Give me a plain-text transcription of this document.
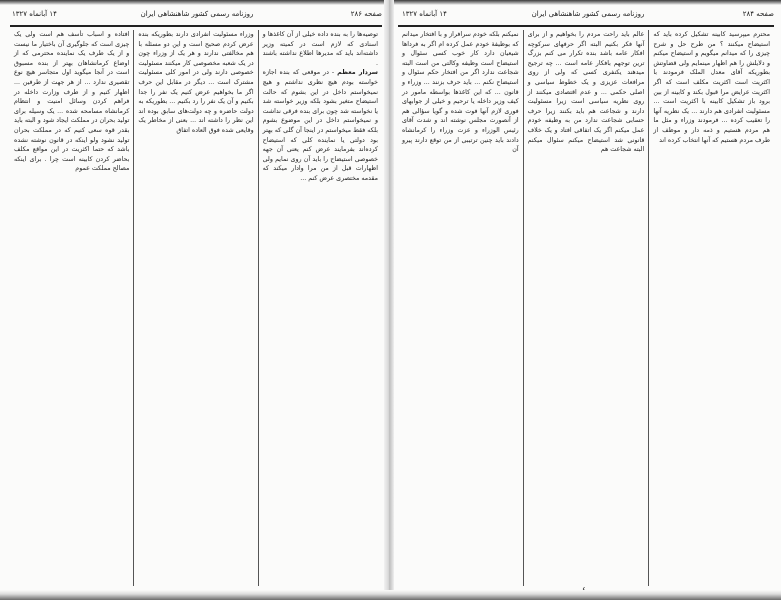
صفحه ۲۸۶
روزنامه رسمی کشور شاهنشاهی ایران
۱۴ آبانماه ۱۳۲۷

توصیه‌ها را به بنده داده خیلی از آن کاغذها و اسنادی که لازم است در کمیته وزیر داشته‌اند باید که مدیرها اطلاع نداشته باشند .

سردار معظم - در موقعی که بنده اجازه خواسته بودم هیچ نظری نداشتم و هیچ نمیخواستم داخل در این بشوم که حالت استیضاح متغیر بشود بلکه وزیر خواسته شد یا نخواسته شد چون برای بنده فرقی نداشت و نمیخواستم داخل در این موضوع بشوم بلکه فقط میخواستم در اینجا آن گلی که بهتر بود دولتی یا نماینده کلی که استیضاح کرده‌اند بفرمایند عرض کنم یعنی آن جهه خصوصی استیضاح را باید آن روی نمایم ولی اظهارات قبل از من مرا وادار میکند که مقدمه مختصری عرض کنم ...

وزراء مسئولیت انفرادی دارند بطوریکه بنده عرض کردم صحیح است و این دو مسئله با هم مخالفتی ندارند و هر یک از وزراء چون در یک شعبه مخصوصی کار میکنند مسئولیت خصوصی دارند ولی در امور کلی مسئولیت مشترک است ... دیگر در مقابل این حرف اگر ما بخواهیم عرض کنیم یک نفر را جدا بکنیم و آن یک نفر را رد بکنیم ... بطوریکه به دولت حاضره و چه دولت‌های سابق بوده اند این نظر را داشته اند ... بعنی از مخاطر یک وقایعی شده فوق العاده اتفاق

افتاده و اسباب تأسف هم است ولی یک چیزی است که جلوگیری آن باختیار ما نیست و از یک طرف یک نماینده محترمی که از اوضاع کرمانشاهان بهتر از بنده مسبوق است در آنجا میگوید اول متجاسر هیچ نوع تقصیری ندارد ... از هر جهت از طرفین ... اظهار کنیم و از طرف وزارت داخله در فراهم کردن وسائل امنیت و انتظام کرمانشاه مسامحه شده ... یک وسیله برای تولید بحران در مملکت ایجاد شود و البته باید بقدر قوه سعی کنیم که در مملکت بحران تولید نشود ولو اینکه در قانون نوشته نشده باشد که حتما اکثریت در این مواقع مکلف بحاضر کردن کابینه است چرا . برای اینکه مصالح مملکت عموم

صفحه ۲۸۴
روزنامه رسمی کشور شاهنشاهی ایران
۱۴ آبانماه ۱۳۲۷

محترم میپرسید کابینه تشکیل کرده باید که استیضاح میکنند ؟ من طرح حل و شرح چیزی را که میدانم میگویم و استیضاح میکنم و دلایلش را هم اظهار مینمایم ولی قضاوتش بطوریکه آقای معدل الملک فرمودند با اکثریت است اکثریت مکلف است که اگر اکثریت عرایض مرا قبول بکند و کابینه از بین برود باز تشکیل کابینه با اکثریت است ... مسئولیت انفرادی هم دارند ... یک نظریه آنها را تعقیب کرده ... فرمودند وزراء و مثل ما هم مردم هستیم و ذمه دار و موظف از طرف مردم هستیم که آنها انتخاب کرده اند

عالم باید راحت مردم را بخواهیم و از برای آنها فکر بکنیم البته اگر حرفهای سرکوچه افکار عامه باشد بنده تکرار می کنم بزرگ ترین توجهم بافکار عامه است ... چه ترجیح میدهند یکنفری کسی که ولی از روی مرافعات عزیزی و یک خطوط سیاسی و اصلی حکمی ... و عدم اقتصادی میکنند از روی نظریه سیاسی است زیرا مسئولیت دارند و شجاعت هم باید بکنند زیرا حرف حسابی شجاعت ندارد من به وظیفه خودم عمل میکنم اگر یک اتفاقی افتاد و یک خلاف قانونی شد استیضاح میکنم سئوال میکنم البته شجاعت هم

نمیکنم بلکه خودم سرافراز و با افتخار میدانم که بوظیفهٔ خودم عمل کرده ام اگر به فرداها شیعیان دارد کار خوب کسی سئوال و استیضاح است وظیفه وکالتی من است البته شجاعت ندارد اگر من افتخار حکم سئوال و استیضاح نکنم ... باید حرف بزنند ... وزراء و قانون ... که این کاغذها بواسطه مامور در کیف وزیر داخله یا ترحیم و خیلی از جوابهای فوری لازم آنها فوت شده و گویا سؤالی هم از آنصورت مجلس نوشته اند و شدت آقای رئیس الوزراء و عزت وزراء را کرمانشاه دادند باید چنین ترتیبی از من توقع دارند پیرو آن
